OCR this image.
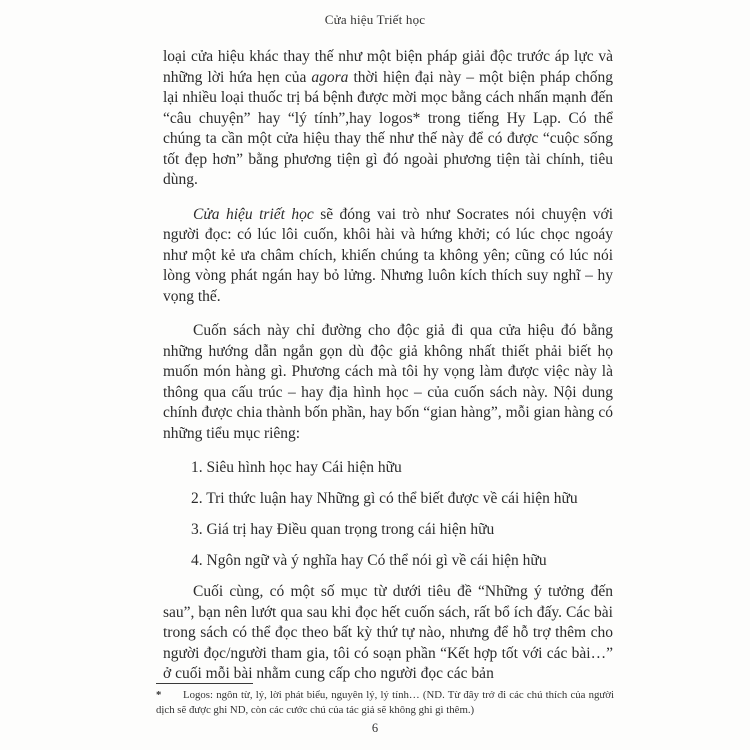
Cửa hiệu Triết học

loại cửa hiệu khác thay thế như một biện pháp giải độc trước áp lực và những lời hứa hẹn của agora thời hiện đại này – một biện pháp chống lại nhiều loại thuốc trị bá bệnh được mời mọc bằng cách nhấn mạnh đến “câu chuyện” hay “lý tính”,hay logos* trong tiếng Hy Lạp. Có thể chúng ta cần một cửa hiệu thay thế như thế này để có được “cuộc sống tốt đẹp hơn” bằng phương tiện gì đó ngoài phương tiện tài chính, tiêu dùng.

Cửa hiệu triết học sẽ đóng vai trò như Socrates nói chuyện với người đọc: có lúc lôi cuốn, khôi hài và hứng khởi; có lúc chọc ngoáy như một kẻ ưa châm chích, khiến chúng ta không yên; cũng có lúc nói lòng vòng phát ngán hay bỏ lửng. Nhưng luôn kích thích suy nghĩ – hy vọng thế.

Cuốn sách này chỉ đường cho độc giả đi qua cửa hiệu đó bằng những hướng dẫn ngắn gọn dù độc giả không nhất thiết phải biết họ muốn món hàng gì. Phương cách mà tôi hy vọng làm được việc này là thông qua cấu trúc – hay địa hình học – của cuốn sách này. Nội dung chính được chia thành bốn phần, hay bốn “gian hàng”, mỗi gian hàng có những tiểu mục riêng:

1. Siêu hình học hay Cái hiện hữu
2. Tri thức luận hay Những gì có thể biết được về cái hiện hữu
3. Giá trị hay Điều quan trọng trong cái hiện hữu
4. Ngôn ngữ và ý nghĩa hay Có thể nói gì về cái hiện hữu

Cuối cùng, có một số mục từ dưới tiêu đề “Những ý tưởng đến sau”, bạn nên lướt qua sau khi đọc hết cuốn sách, rất bổ ích đấy. Các bài trong sách có thể đọc theo bất kỳ thứ tự nào, nhưng để hỗ trợ thêm cho người đọc/người tham gia, tôi có soạn phần “Kết hợp tốt với các bài…” ở cuối mỗi bài nhằm cung cấp cho người đọc các bản

* Logos: ngôn từ, lý, lời phát biểu, nguyên lý, lý tính… (ND. Từ đây trở đi các chú thích của người dịch sẽ được ghi ND, còn các cước chú của tác giả sẽ không ghi gì thêm.)
6
